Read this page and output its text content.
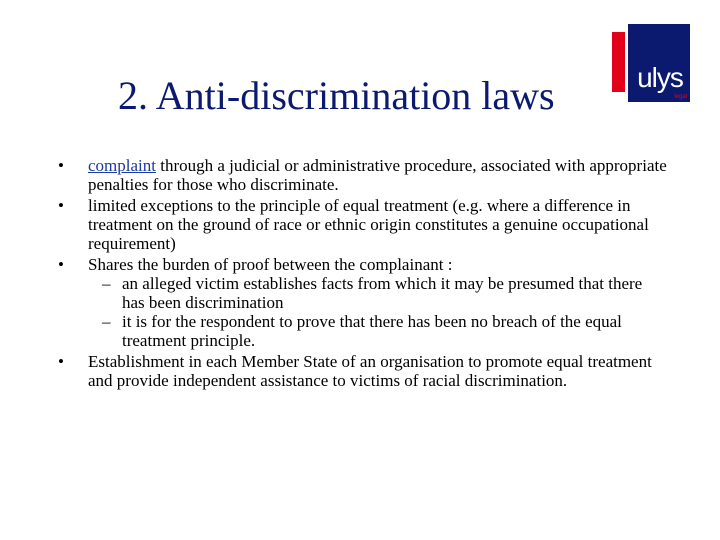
2. Anti-discrimination laws	ulys
legal
•	complaint through a judicial or administrative procedure, associated with appropriate penalties for those who discriminate.
•	limited exceptions to the principle of equal treatment (e.g. where a difference in treatment on the ground of race or ethnic origin constitutes a genuine occupational requirement)
•	Shares the burden of proof between the complainant :
– an alleged victim establishes facts from which it may be presumed that there has been discrimination
– it is for the respondent to prove that there has been no breach of the equal treatment principle.
•	Establishment in each Member State of an organisation to promote equal treatment and provide independent assistance to victims of racial discrimination.
